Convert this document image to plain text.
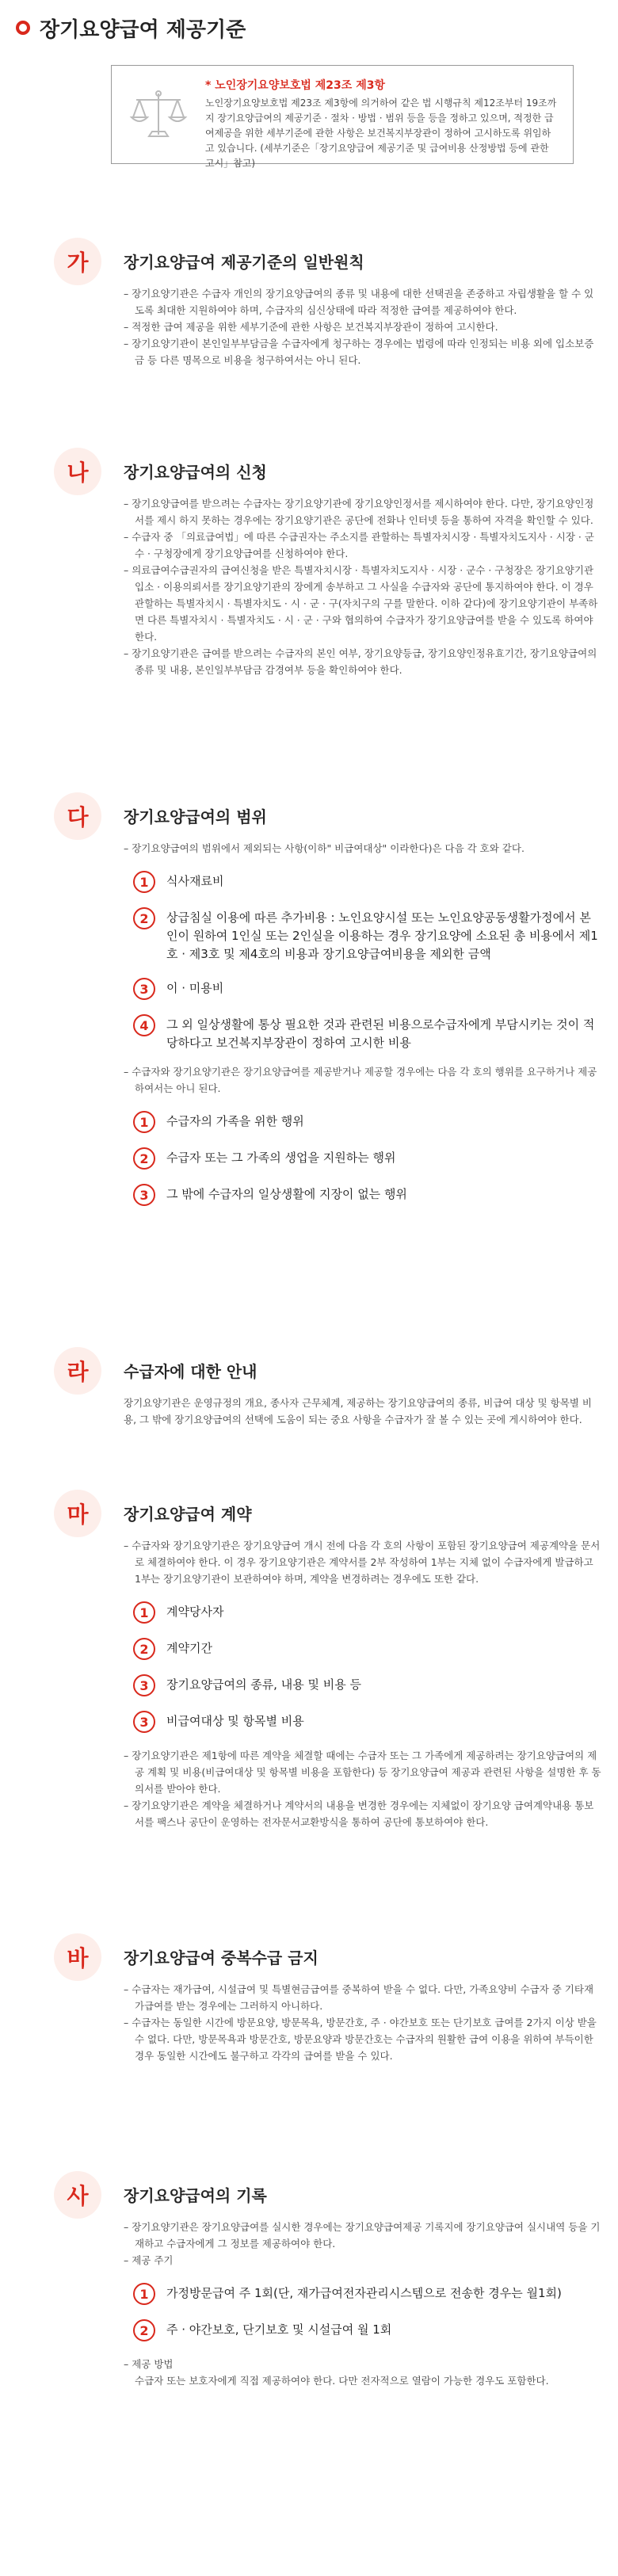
장기요양급여 제공기준
* 노인장기요양보호법 제23조 제3항
노인장기요양보호법 제23조 제3항에 의거하여 같은 법 시행규칙 제12조부터 19조까지 장기요양급여의 제공기준 · 절차 · 방법 · 범위 등을 등을 정하고 있으며, 적정한 급여제공을 위한 세부기준에 관한 사항은 보건복지부장관이 정하여 고시하도록 위임하고 있습니다. (세부기준은「장기요양급여 제공기준 및 급여비용 산정방법 등에 관한 고시」참고)
가 장기요양급여 제공기준의 일반원칙
– 장기요양기관은 수급자 개인의 장기요양급여의 종류 및 내용에 대한 선택권을 존중하고 자립생활을 할 수 있도록 최대한 지원하여야 하며, 수급자의 심신상태에 따라 적정한 급여를 제공하여야 한다.
– 적정한 급여 제공을 위한 세부기준에 관한 사항은 보건복지부장관이 정하여 고시한다.
– 장기요양기관이 본인일부부담금을 수급자에게 청구하는 경우에는 법령에 따라 인정되는 비용 외에 입소보증금 등 다른 명목으로 비용을 청구하여서는 아니 된다.
나 장기요양급여의 신청
– 장기요양급여를 받으려는 수급자는 장기요양기관에 장기요양인정서를 제시하여야 한다. 다만, 장기요양인정서를 제시 하지 못하는 경우에는 장기요양기관은 공단에 전화나 인터넷 등을 통하여 자격을 확인할 수 있다.
– 수급자 중 「의료급여법」에 따른 수급권자는 주소지를 관할하는 특별자치시장 · 특별자치도지사 · 시장 · 군수 · 구청장에게 장기요양급여를 신청하여야 한다.
– 의료급여수급권자의 급여신청을 받은 특별자치시장 · 특별자치도지사 · 시장 · 군수 · 구청장은 장기요양기관 입소 · 이용의뢰서를 장기요양기관의 장에게 송부하고 그 사실을 수급자와 공단에 통지하여야 한다. 이 경우 관할하는 특별자치시 · 특별자치도 · 시 · 군 · 구(자치구의 구를 말한다. 이하 같다)에 장기요양기관이 부족하면 다른 특별자치시 · 특별자치도 · 시 · 군 · 구와 협의하여 수급자가 장기요양급여를 받을 수 있도록 하여야 한다.
– 장기요양기관은 급여를 받으려는 수급자의 본인 여부, 장기요양등급, 장기요양인정유효기간, 장기요양급여의 종류 및 내용, 본인일부부담금 감경여부 등을 확인하여야 한다.
다 장기요양급여의 범위
– 장기요양급여의 범위에서 제외되는 사항(이하" 비급여대상" 이라한다)은 다음 각 호와 같다.
1	식사재료비
2	상급침실 이용에 따른 추가비용 : 노인요양시설 또는 노인요양공동생활가정에서 본인이 원하여 1인실 또는 2인실을 이용하는 경우 장기요양에 소요된 총 비용에서 제1호 · 제3호 및 제4호의 비용과 장기요양급여비용을 제외한 금액
3	이 · 미용비
4	그 외 일상생활에 통상 필요한 것과 관련된 비용으로수급자에게 부담시키는 것이 적당하다고 보건복지부장관이 정하여 고시한 비용
– 수급자와 장기요양기관은 장기요양급여를 제공받거나 제공할 경우에는 다음 각 호의 행위를 요구하거나 제공하여서는 아니 된다.
1	수급자의 가족을 위한 행위
2	수급자 또는 그 가족의 생업을 지원하는 행위
3	그 밖에 수급자의 일상생활에 지장이 없는 행위
라 수급자에 대한 안내
장기요양기관은 운영규정의 개요, 종사자 근무체계, 제공하는 장기요양급여의 종류, 비급여 대상 및 항목별 비용, 그 밖에 장기요양급여의 선택에 도움이 되는 중요 사항을 수급자가 잘 볼 수 있는 곳에 게시하여야 한다.
마 장기요양급여 계약
– 수급자와 장기요양기관은 장기요양급여 개시 전에 다음 각 호의 사항이 포함된 장기요양급여 제공계약을 문서로 체결하여야 한다. 이 경우 장기요양기관은 계약서를 2부 작성하여 1부는 지체 없이 수급자에게 발급하고 1부는 장기요양기관이 보관하여야 하며, 계약을 변경하려는 경우에도 또한 같다.
1	계약당사자
2	계약기간
3	장기요양급여의 종류, 내용 및 비용 등
3	비급여대상 및 항목별 비용
– 장기요양기관은 제1항에 따른 계약을 체결할 때에는 수급자 또는 그 가족에게 제공하려는 장기요양급여의 제공 계획 및 비용(비급여대상 및 항목별 비용을 포함한다) 등 장기요양급여 제공과 관련된 사항을 설명한 후 동의서를 받아야 한다.
– 장기요양기관은 계약을 체결하거나 계약서의 내용을 변경한 경우에는 지체없이 장기요양 급여계약내용 통보서를 팩스나 공단이 운영하는 전자문서교환방식을 통하여 공단에 통보하여야 한다.
바 장기요양급여 중복수급 금지
– 수급자는 재가급여, 시설급여 및 특별현금급여를 중복하여 받을 수 없다. 다만, 가족요양비 수급자 중 기타재가급여를 받는 경우에는 그러하지 아니하다.
– 수급자는 동일한 시간에 방문요양, 방문목욕, 방문간호, 주 · 야간보호 또는 단기보호 급여를 2가지 이상 받을 수 없다. 다만, 방문목욕과 방문간호, 방문요양과 방문간호는 수급자의 원활한 급여 이용을 위하여 부득이한 경우 동일한 시간에도 불구하고 각각의 급여를 받을 수 있다.
사 장기요양급여의 기록
– 장기요양기관은 장기요양급여를 실시한 경우에는 장기요양급여제공 기록지에 장기요양급여 실시내역 등을 기재하고 수급자에게 그 정보를 제공하여야 한다.
– 제공 주기
1	가정방문급여 주 1회(단, 재가급여전자관리시스템으로 전송한 경우는 월1회)
2	주 · 야간보호, 단기보호 및 시설급여 월 1회
– 제공 방법
수급자 또는 보호자에게 직접 제공하여야 한다. 다만 전자적으로 열람이 가능한 경우도 포함한다.
